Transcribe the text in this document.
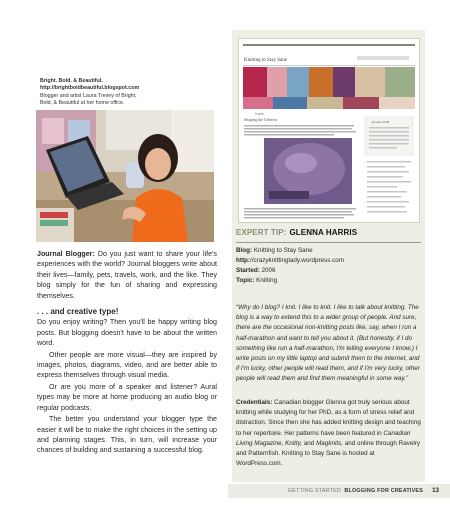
Bright. Bold. & Beautiful.
http://brightboldbeautiful.blogspot.com
Blogger and artist Laura Trevey of Bright,
Bold, & Beautiful at her home office.

Journal Blogger: Do you just want to share your life's experiences with the world? Journal bloggers write about their lives—family, pets, travels, work, and the like. They blog simply for the fun of sharing and expressing themselves.

. . . and creative type!

Do you enjoy writing? Then you'll be happy writing blog posts. But blogging doesn't have to be about the written word.

Other people are more visual—they are inspired by images, photos, diagrams, video, and are better able to express themselves through visual media.

Or are you more of a speaker and listener? Aural types may be more at home producing an audio blog or regular podcasts.

The better you understand your blogger type the easier it will be to make the right choices in the setting up and planning stages. This, in turn, will increase your chances of building and sustaining a successful blog.

Knitting to Stay Sane
Home
Shaping the Ueberm	January 2009
EXPERT TIP: GLENNA HARRIS
Blog: Knitting to Stay Sane
http://crazyknittinglady.wordpress.com
Started: 2006
Topic: Knitting
“Why do I blog? I knit. I like to knit. I like to talk about knitting. The blog is a way to extend this to a wider group of people. And sure, there are the occasional non-knitting posts like, say, when I run a half-marathon and want to tell you about it. (But honestly, if I do something like run a half-marathon, I'm telling everyone I know.) I write posts on my little laptop and submit them to the internet, and if I'm lucky, other people will read them, and if I'm very lucky, other people will read them and find them meaningful in some way.”
Credentials: Canadian blogger Glenna got truly serious about knitting while studying for her PhD, as a form of stress relief and distraction. Since then she has added knitting design and teaching to her repertoire. Her patterns have been featured in Canadian Living Magazine, Knitty, and Magknits, and online through Ravelry and Patternfish. Knitting to Stay Sane is hosted at WordPress.com.
GETTING STARTED BLOGGING FOR CREATIVES 13
